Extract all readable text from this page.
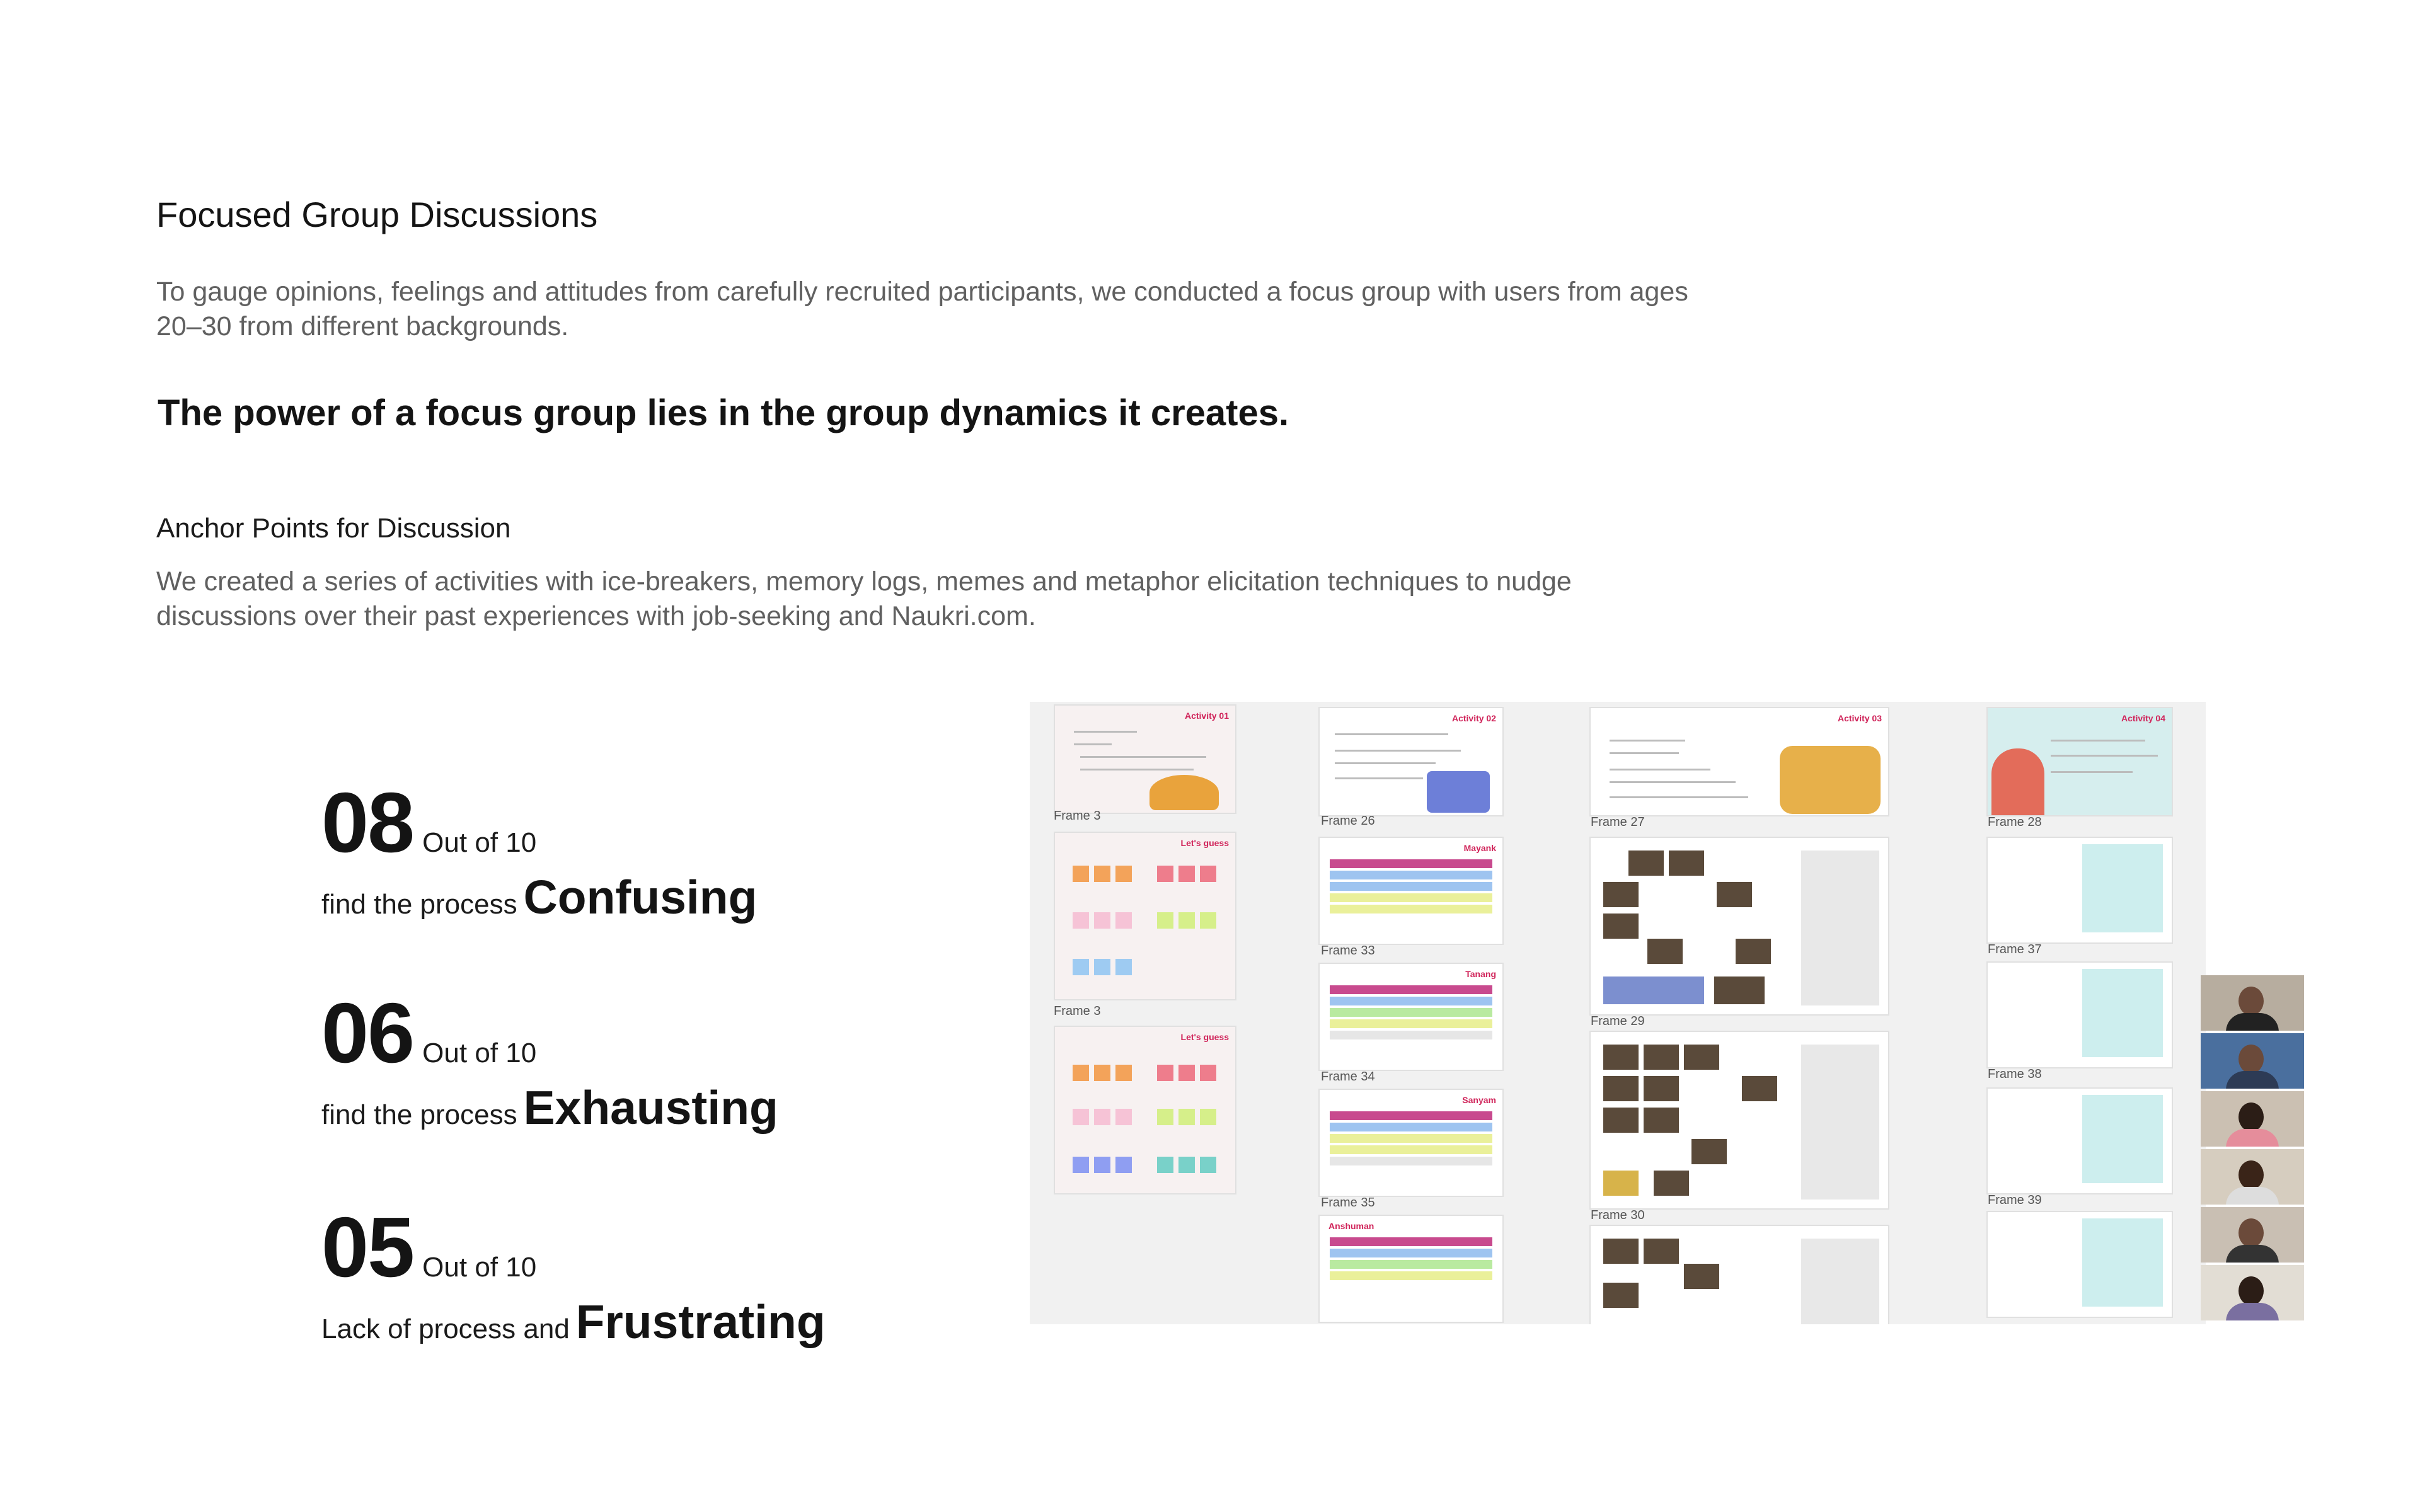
Focused Group Discussions
To gauge opinions, feelings and attitudes from carefully recruited participants, we conducted a focus group with users from ages 20–30 from different backgrounds.
The power of a focus group lies in the group dynamics it creates.
Anchor Points for Discussion
We created a series of activities with ice-breakers, memory logs, memes and metaphor elicitation techniques to nudge discussions over their past experiences with job-seeking and Naukri.com.
08 Out of 10
find the process Confusing
06 Out of 10
find the process Exhausting
05 Out of 10
Lack of process and Frustrating
Activity 01
Frame 3
Let's guess
Frame 3
Let's guess
Activity 02
Frame 26
Mayank
Frame 33
Tanang
Frame 34
Sanyam
Frame 35
Anshuman
Activity 03
Frame 27
Frame 29
Frame 30
Activity 04
Frame 28
Frame 37
Frame 38
Frame 39
